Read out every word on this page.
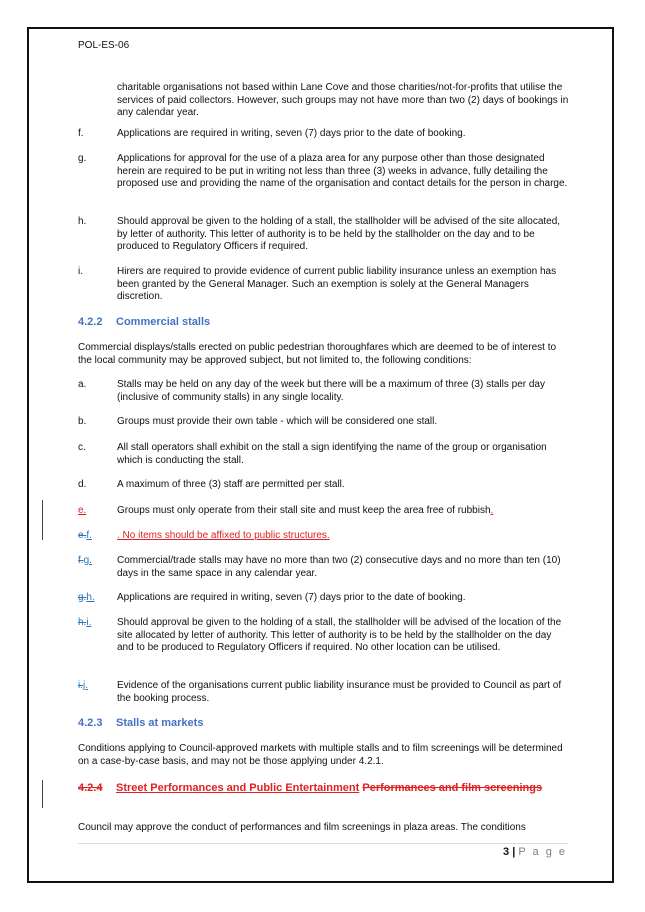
POL-ES-06
charitable organisations not based within Lane Cove and those charities/not-for-profits that utilise the services of paid collectors. However, such groups may not have more than two (2) days of bookings in any calendar year.
f.	Applications are required in writing, seven (7) days prior to the date of booking.
g.	Applications for approval for the use of a plaza area for any purpose other than those designated herein are required to be put in writing not less than three (3) weeks in advance, fully detailing the proposed use and providing the name of the organisation and contact details for the person in charge.
h.	Should approval be given to the holding of a stall, the stallholder will be advised of the site allocated, by letter of authority. This letter of authority is to be held by the stallholder on the day and to be produced to Regulatory Officers if required.
i.	Hirers are required to provide evidence of current public liability insurance unless an exemption has been granted by the General Manager. Such an exemption is solely at the General Managers discretion.
4.2.2 Commercial stalls
Commercial displays/stalls erected on public pedestrian thoroughfares which are deemed to be of interest to the local community may be approved subject, but not limited to, the following conditions:
a.	Stalls may be held on any day of the week but there will be a maximum of three (3) stalls per day (inclusive of community stalls) in any single locality.
b.	Groups must provide their own table - which will be considered one stall.
c.	All stall operators shall exhibit on the stall a sign identifying the name of the group or organisation which is conducting the stall.
d.	A maximum of three (3) staff are permitted per stall.
e.	Groups must only operate from their stall site and must keep the area free of rubbish.
e.f.	. No items should be affixed to public structures.
f.g.	Commercial/trade stalls may have no more than two (2) consecutive days and no more than ten (10) days in the same space in any calendar year.
g.h.	Applications are required in writing, seven (7) days prior to the date of booking.
h.i.	Should approval be given to the holding of a stall, the stallholder will be advised of the location of the site allocated by letter of authority. This letter of authority is to be held by the stallholder on the day and to be produced to Regulatory Officers if required. No other location can be utilised.
i.j.	Evidence of the organisations current public liability insurance must be provided to Council as part of the booking process.
4.2.3 Stalls at markets
Conditions applying to Council-approved markets with multiple stalls and to film screenings will be determined on a case-by-case basis, and may not be those applying under 4.2.1.
4.2.4 Street Performances and Public Entertainment Performances and film screenings
Council may approve the conduct of performances and film screenings in plaza areas. The conditions
3 | P a g e
